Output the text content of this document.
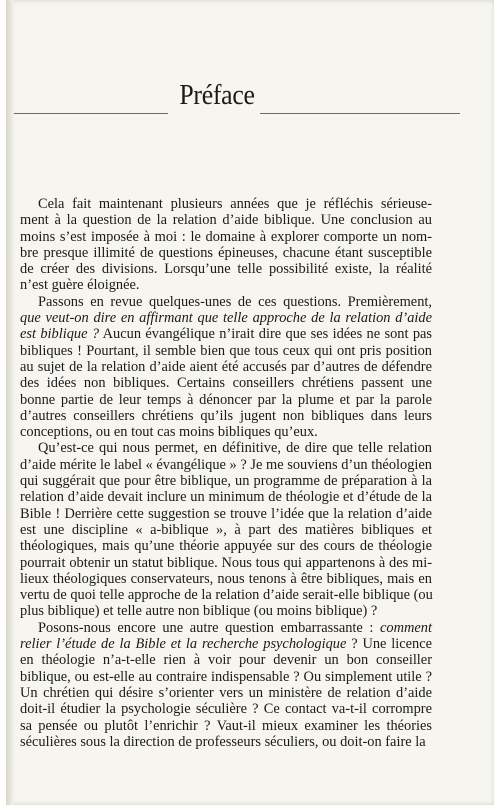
Préface
Cela fait maintenant plusieurs années que je réfléchis sérieuse-
ment à la question de la relation d’aide biblique. Une conclusion au
moins s’est imposée à moi : le domaine à explorer comporte un nom-
bre presque illimité de questions épineuses, chacune étant susceptible
de créer des divisions. Lorsqu’une telle possibilité existe, la réalité
n’est guère éloignée.
Passons en revue quelques-unes de ces questions. Premièrement,
que veut-on dire en affirmant que telle approche de la relation d’aide
est biblique ? Aucun évangélique n’irait dire que ses idées ne sont pas
bibliques ! Pourtant, il semble bien que tous ceux qui ont pris position
au sujet de la relation d’aide aient été accusés par d’autres de défendre
des idées non bibliques. Certains conseillers chrétiens passent une
bonne partie de leur temps à dénoncer par la plume et par la parole
d’autres conseillers chrétiens qu’ils jugent non bibliques dans leurs
conceptions, ou en tout cas moins bibliques qu’eux.
Qu’est-ce qui nous permet, en définitive, de dire que telle relation
d’aide mérite le label « évangélique » ? Je me souviens d’un théologien
qui suggérait que pour être biblique, un programme de préparation à la
relation d’aide devait inclure un minimum de théologie et d’étude de la
Bible ! Derrière cette suggestion se trouve l’idée que la relation d’aide
est une discipline « a-biblique », à part des matières bibliques et
théologiques, mais qu’une théorie appuyée sur des cours de théologie
pourrait obtenir un statut biblique. Nous tous qui appartenons à des mi-
lieux théologiques conservateurs, nous tenons à être bibliques, mais en
vertu de quoi telle approche de la relation d’aide serait-elle biblique (ou
plus biblique) et telle autre non biblique (ou moins biblique) ?
Posons-nous encore une autre question embarrassante : comment
relier l’étude de la Bible et la recherche psychologique ? Une licence
en théologie n’a-t-elle rien à voir pour devenir un bon conseiller
biblique, ou est-elle au contraire indispensable ? Ou simplement utile ?
Un chrétien qui désire s’orienter vers un ministère de relation d’aide
doit-il étudier la psychologie séculière ? Ce contact va-t-il corrompre
sa pensée ou plutôt l’enrichir ? Vaut-il mieux examiner les théories
séculières sous la direction de professeurs séculiers, ou doit-on faire la
